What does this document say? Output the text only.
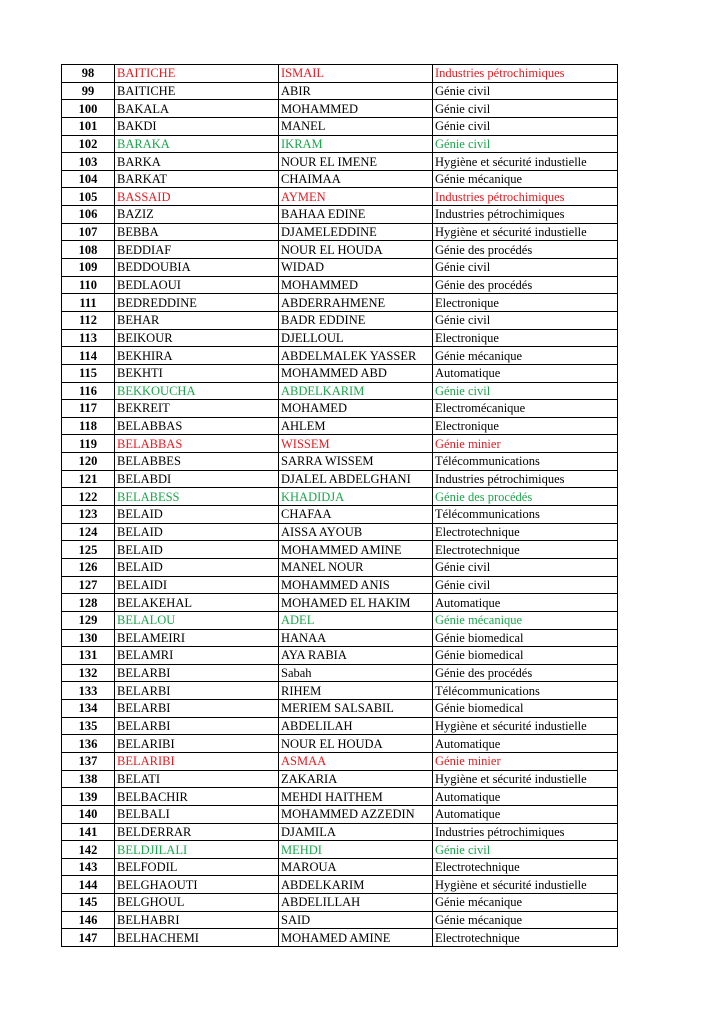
98	BAITICHE	ISMAIL	Industries pétrochimiques
99	BAITICHE	ABIR	Génie civil
100	BAKALA	MOHAMMED	Génie civil
101	BAKDI	MANEL	Génie civil
102	BARAKA	IKRAM	Génie civil
103	BARKA	NOUR EL IMENE	Hygiène et sécurité industielle
104	BARKAT	CHAIMAA	Génie mécanique
105	BASSAID	AYMEN	Industries pétrochimiques
106	BAZIZ	BAHAA EDINE	Industries pétrochimiques
107	BEBBA	DJAMELEDDINE	Hygiène et sécurité industielle
108	BEDDIAF	NOUR EL HOUDA	Génie des procédés
109	BEDDOUBIA	WIDAD	Génie civil
110	BEDLAOUI	MOHAMMED	Génie des procédés
111	BEDREDDINE	ABDERRAHMENE	Electronique
112	BEHAR	BADR EDDINE	Génie civil
113	BEIKOUR	DJELLOUL	Electronique
114	BEKHIRA	ABDELMALEK YASSER	Génie mécanique
115	BEKHTI	MOHAMMED ABD	Automatique
116	BEKKOUCHA	ABDELKARIM	Génie civil
117	BEKREIT	MOHAMED	Electromécanique
118	BELABBAS	AHLEM	Electronique
119	BELABBAS	WISSEM	Génie minier
120	BELABBES	SARRA WISSEM	Télécommunications
121	BELABDI	DJALEL ABDELGHANI	Industries pétrochimiques
122	BELABESS	KHADIDJA	Génie des procédés
123	BELAID	CHAFAA	Télécommunications
124	BELAID	AISSA AYOUB	Electrotechnique
125	BELAID	MOHAMMED AMINE	Electrotechnique
126	BELAID	MANEL NOUR	Génie civil
127	BELAIDI	MOHAMMED ANIS	Génie civil
128	BELAKEHAL	MOHAMED EL HAKIM	Automatique
129	BELALOU	ADEL	Génie mécanique
130	BELAMEIRI	HANAA	Génie biomedical
131	BELAMRI	AYA RABIA	Génie biomedical
132	BELARBI	Sabah	Génie des procédés
133	BELARBI	RIHEM	Télécommunications
134	BELARBI	MERIEM SALSABIL	Génie biomedical
135	BELARBI	ABDELILAH	Hygiène et sécurité industielle
136	BELARIBI	NOUR EL HOUDA	Automatique
137	BELARIBI	ASMAA	Génie minier
138	BELATI	ZAKARIA	Hygiène et sécurité industielle
139	BELBACHIR	MEHDI HAITHEM	Automatique
140	BELBALI	MOHAMMED AZZEDIN	Automatique
141	BELDERRAR	DJAMILA	Industries pétrochimiques
142	BELDJILALI	MEHDI	Génie civil
143	BELFODIL	MAROUA	Electrotechnique
144	BELGHAOUTI	ABDELKARIM	Hygiène et sécurité industielle
145	BELGHOUL	ABDELILLAH	Génie mécanique
146	BELHABRI	SAID	Génie mécanique
147	BELHACHEMI	MOHAMED AMINE	Electrotechnique
